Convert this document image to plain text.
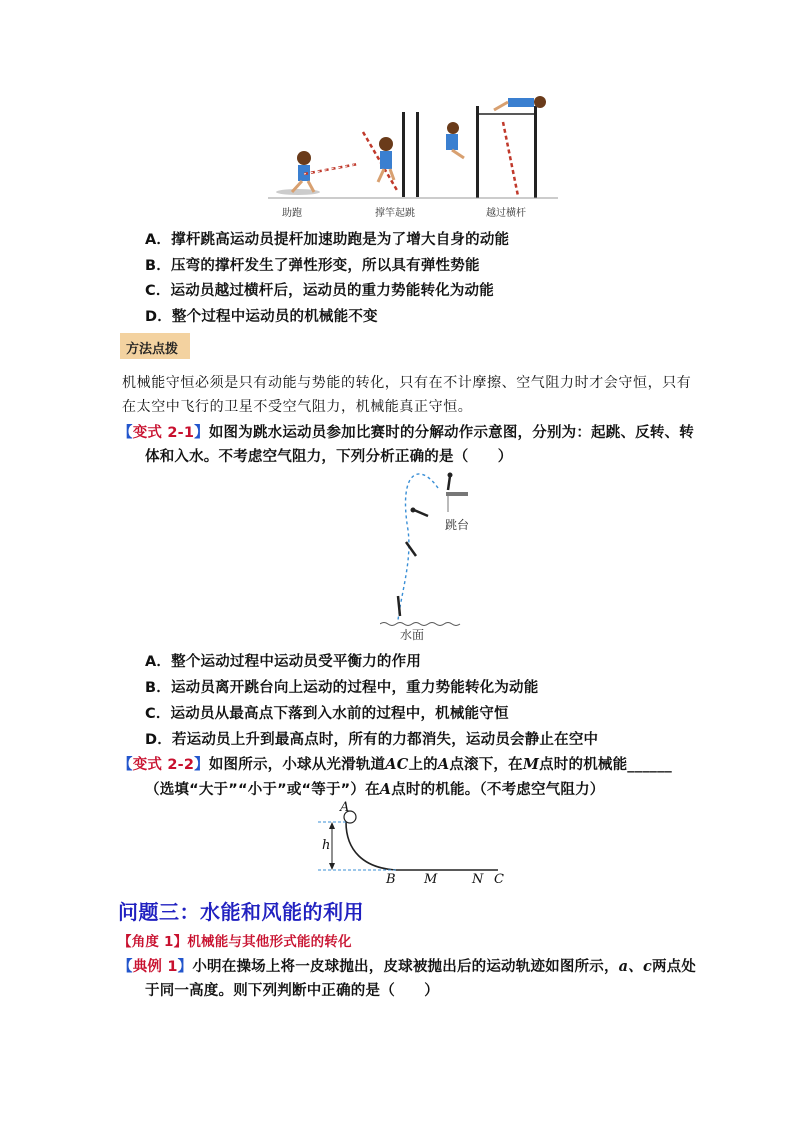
助跑	撑竿起跳	越过横杆
A．撑杆跳高运动员提杆加速助跑是为了增大自身的动能
B．压弯的撑杆发生了弹性形变，所以具有弹性势能
C．运动员越过横杆后，运动员的重力势能转化为动能
D．整个过程中运动员的机械能不变
方法点拨
机械能守恒必须是只有动能与势能的转化，只有在不计摩擦、空气阻力时才会守恒，只有
在太空中飞行的卫星不受空气阻力，机械能真正守恒。
【变式 2-1】如图为跳水运动员参加比赛时的分解动作示意图，分别为：起跳、反转、转
体和入水。不考虑空气阻力，下列分析正确的是（　　）
跳台
水面
A．整个运动过程中运动员受平衡力的作用
B．运动员离开跳台向上运动的过程中，重力势能转化为动能
C．运动员从最高点下落到入水前的过程中，机械能守恒
D．若运动员上升到最高点时，所有的力都消失，运动员会静止在空中
【变式 2-2】如图所示，小球从光滑轨道AC上的A点滚下，在M点时的机械能______
（选填“大于”“小于”或“等于”）在A点时的机能。（不考虑空气阻力）
A
h
B M	N C
问题三：水能和风能的利用
【角度 1】机械能与其他形式能的转化
【典例 1】小明在操场上将一皮球抛出，皮球被抛出后的运动轨迹如图所示，a、c两点处
于同一高度。则下列判断中正确的是（　　）
